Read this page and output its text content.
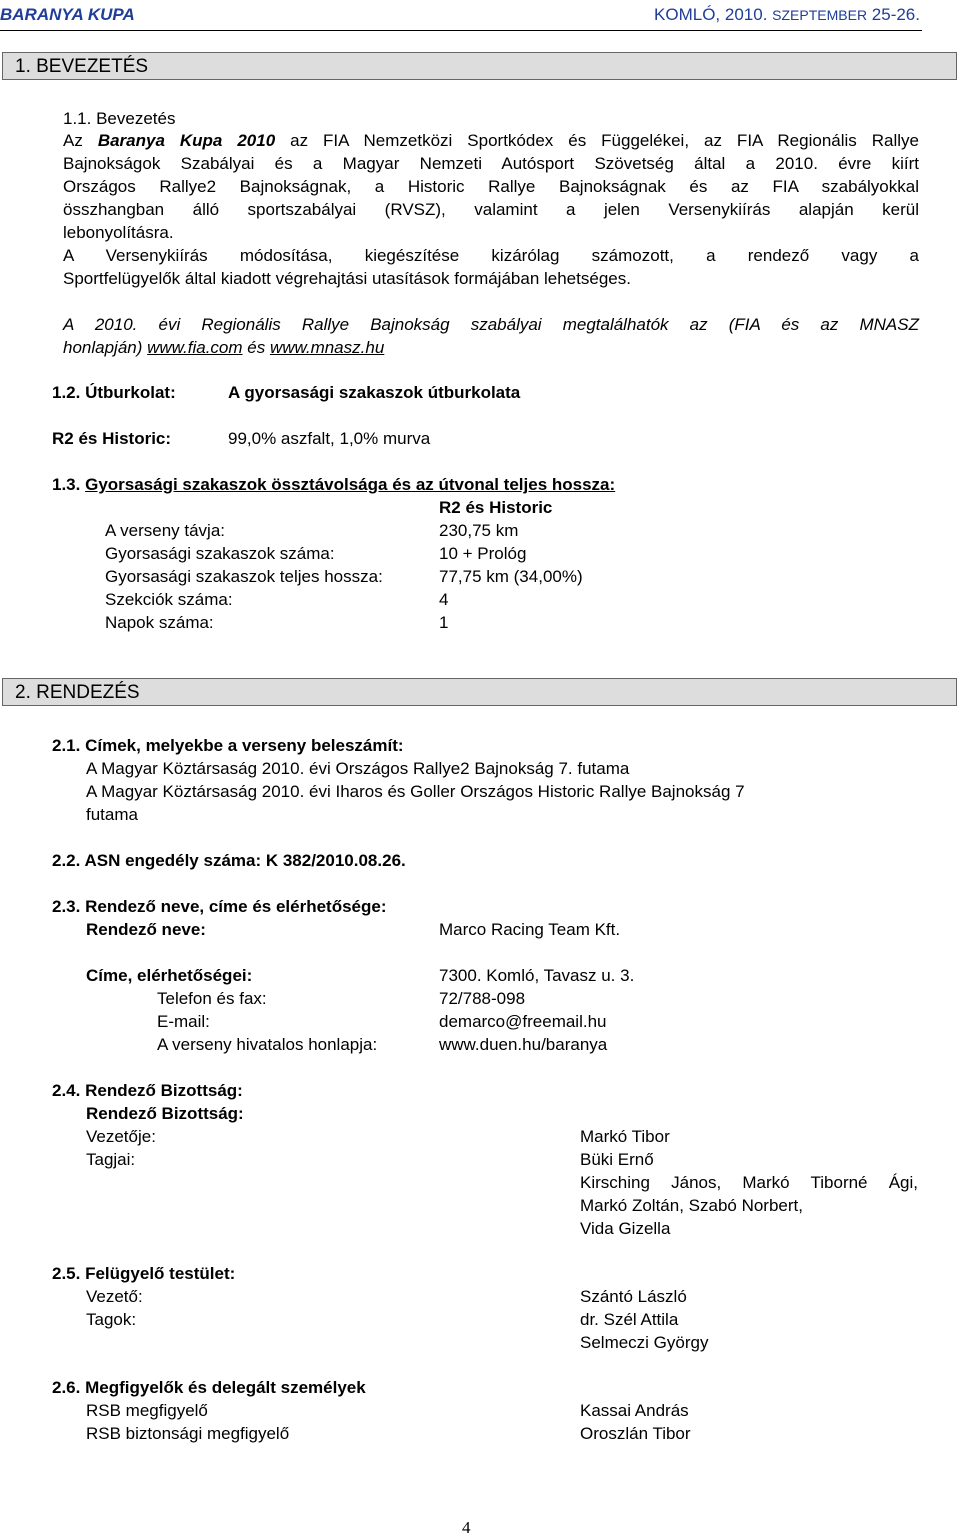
BARANYA KUPA	KOMLÓ, 2010. SZEPTEMBER 25-26.
1. BEVEZETÉS
1.1. Bevezetés
Az Baranya Kupa 2010 az FIA Nemzetközi Sportkódex és Függelékei, az FIA Regionális Rallye
Bajnokságok Szabályai és a Magyar Nemzeti Autósport Szövetség által a 2010. évre kiírt
Országos Rallye2 Bajnokságnak, a Historic Rallye Bajnokságnak és az FIA szabályokkal
összhangban álló sportszabályai (RVSZ), valamint a jelen Versenykiírás alapján kerül
lebonyolításra.
A Versenykiírás módosítása, kiegészítése kizárólag számozott, a rendező vagy a
Sportfelügyelők által kiadott végrehajtási utasítások formájában lehetséges.
A 2010. évi Regionális Rallye Bajnokság szabályai megtalálhatók az (FIA és az MNASZ
honlapján) www.fia.com és www.mnasz.hu
1.2. Útburkolat:	A gyorsasági szakaszok útburkolata
R2 és Historic:	99,0% aszfalt, 1,0% murva
1.3. Gyorsasági szakaszok össztávolsága és az útvonal teljes hossza:
R2 és Historic
A verseny távja:	230,75 km
Gyorsasági szakaszok száma:	10 + Prológ
Gyorsasági szakaszok teljes hossza:	77,75 km (34,00%)
Szekciók száma:	4
Napok száma:	1
2. RENDEZÉS
2.1. Címek, melyekbe a verseny beleszámít:
A Magyar Köztársaság 2010. évi Országos Rallye2 Bajnokság 7. futama
A Magyar Köztársaság 2010. évi Iharos és Goller Országos Historic Rallye Bajnokság 7
futama
2.2. ASN engedély száma: K 382/2010.08.26.
2.3. Rendező neve, címe és elérhetősége:
Rendező neve:	Marco Racing Team Kft.
Címe, elérhetőségei:	7300. Komló, Tavasz u. 3.
Telefon és fax:	72/788-098
E-mail:	demarco@freemail.hu
A verseny hivatalos honlapja:	www.duen.hu/baranya
2.4. Rendező Bizottság:
Rendező Bizottság:
Vezetője:	Markó Tibor
Tagjai:	Büki Ernő
Kirsching János, Markó Tiborné Ági,
Markó Zoltán, Szabó Norbert,
Vida Gizella
2.5. Felügyelő testület:
Vezető:	Szántó László
Tagok:	dr. Szél Attila
Selmeczi György
2.6. Megfigyelők és delegált személyek
RSB megfigyelő	Kassai András
RSB biztonsági megfigyelő	Oroszlán Tibor
4
